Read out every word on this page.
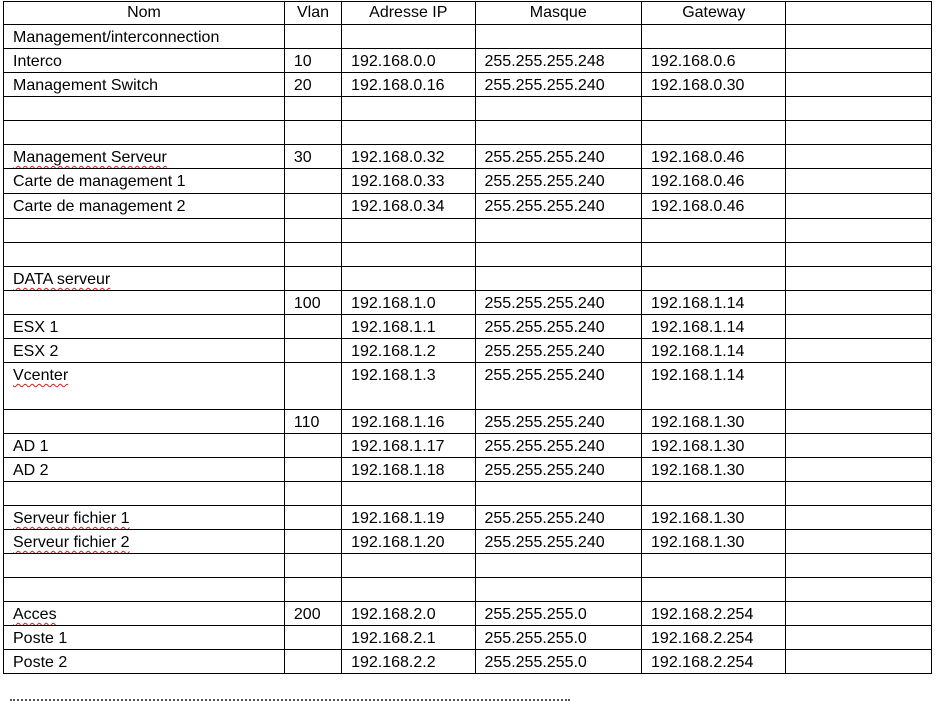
Nom	Vlan	Adresse IP	Masque	Gateway	
Management/interconnection					
Interco	10	192.168.0.0	255.255.255.248	192.168.0.6	
Management Switch	20	192.168.0.16	255.255.255.240	192.168.0.30	

Management Serveur	30	192.168.0.32	255.255.255.240	192.168.0.46	
Carte de management 1		192.168.0.33	255.255.255.240	192.168.0.46	
Carte de management 2		192.168.0.34	255.255.255.240	192.168.0.46	

DATA serveur					
	100	192.168.1.0	255.255.255.240	192.168.1.14	
ESX 1		192.168.1.1	255.255.255.240	192.168.1.14	
ESX 2		192.168.1.2	255.255.255.240	192.168.1.14	
Vcenter		192.168.1.3	255.255.255.240	192.168.1.14	
	110	192.168.1.16	255.255.255.240	192.168.1.30	
AD 1		192.168.1.17	255.255.255.240	192.168.1.30	
AD 2		192.168.1.18	255.255.255.240	192.168.1.30	

Serveur fichier 1		192.168.1.19	255.255.255.240	192.168.1.30	
Serveur fichier 2		192.168.1.20	255.255.255.240	192.168.1.30	

Acces	200	192.168.2.0	255.255.255.0	192.168.2.254	
Poste 1		192.168.2.1	255.255.255.0	192.168.2.254	
Poste 2		192.168.2.2	255.255.255.0	192.168.2.254	
